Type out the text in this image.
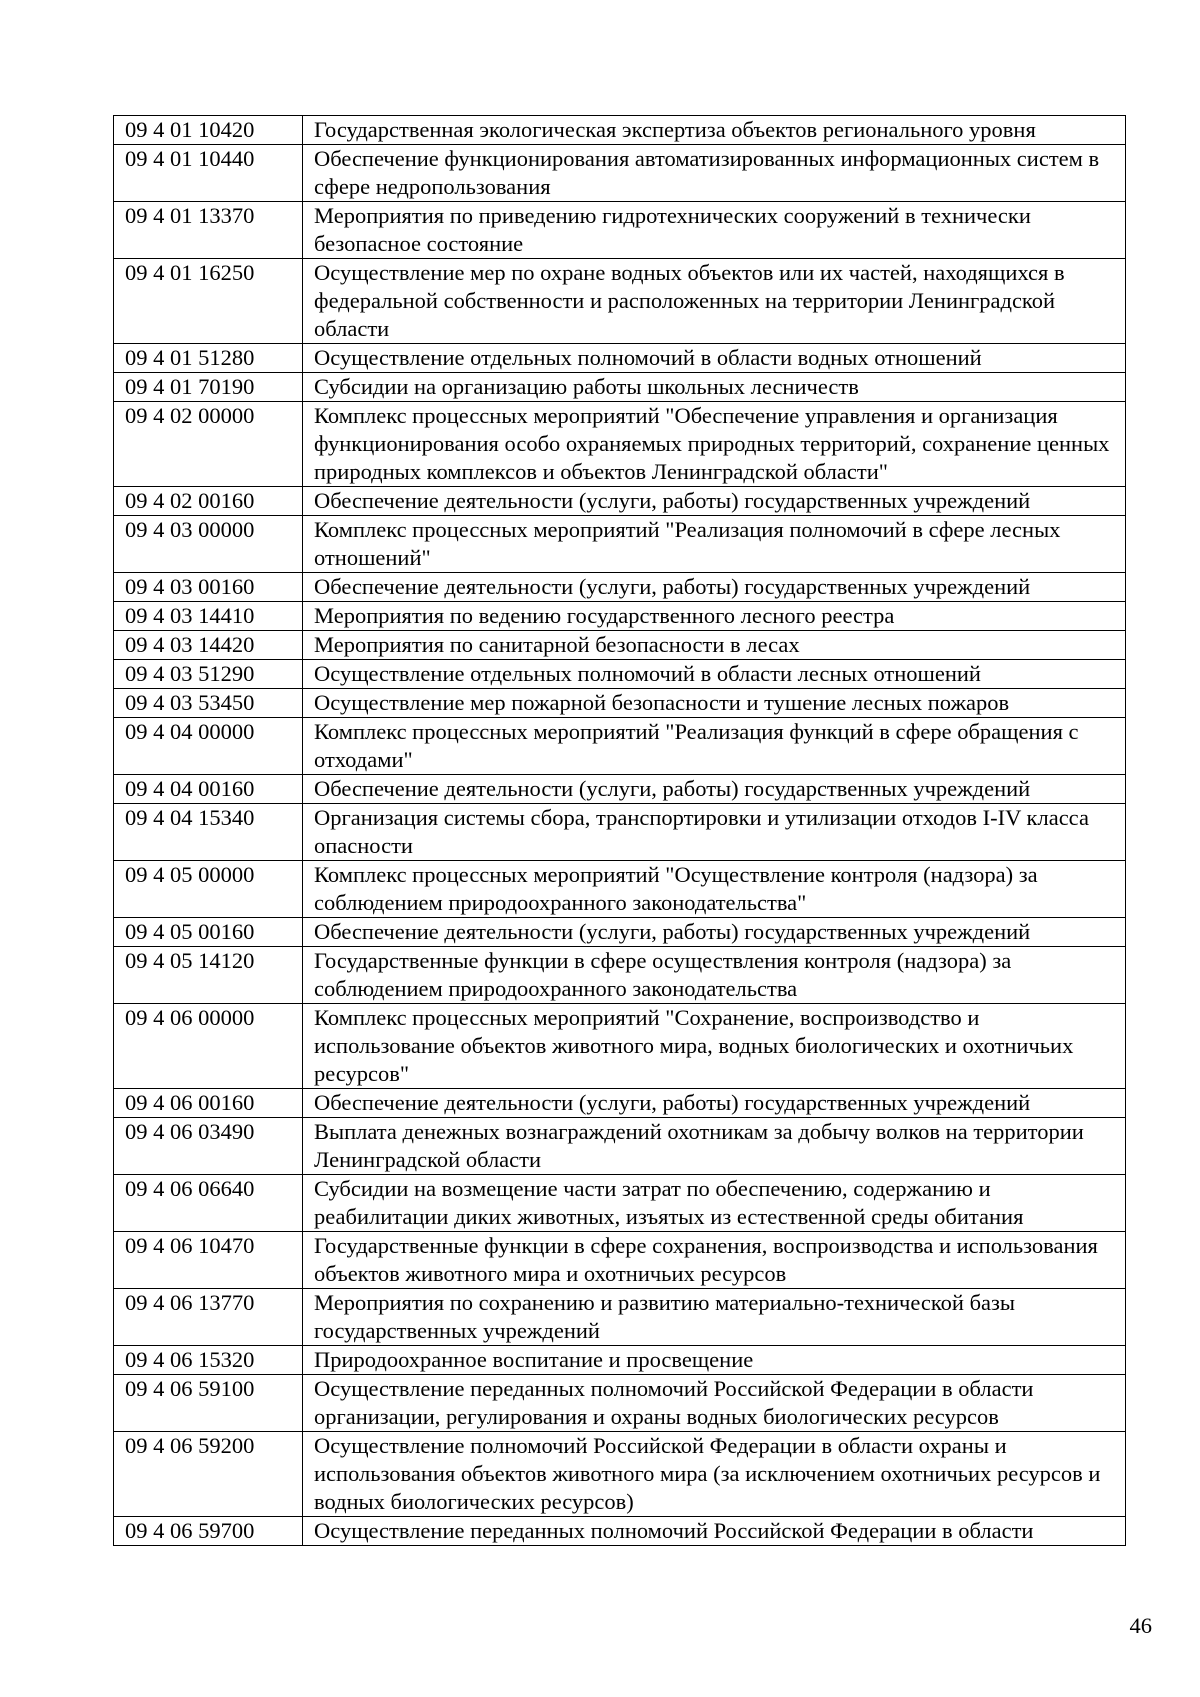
09 4 01 10420	Государственная экологическая экспертиза объектов регионального уровня
09 4 01 10440	Обеспечение функционирования автоматизированных информационных систем в сфере недропользования
09 4 01 13370	Мероприятия по приведению гидротехнических сооружений в технически безопасное состояние
09 4 01 16250	Осуществление мер по охране водных объектов или их частей, находящихся в федеральной собственности и расположенных на территории Ленинградской области
09 4 01 51280	Осуществление отдельных полномочий в области водных отношений
09 4 01 70190	Субсидии на организацию работы школьных лесничеств
09 4 02 00000	Комплекс процессных мероприятий "Обеспечение управления и организация функционирования особо охраняемых природных территорий, сохранение ценных природных комплексов и объектов Ленинградской области"
09 4 02 00160	Обеспечение деятельности (услуги, работы) государственных учреждений
09 4 03 00000	Комплекс процессных мероприятий "Реализация полномочий в сфере лесных отношений"
09 4 03 00160	Обеспечение деятельности (услуги, работы) государственных учреждений
09 4 03 14410	Мероприятия по ведению государственного лесного реестра
09 4 03 14420	Мероприятия по санитарной безопасности в лесах
09 4 03 51290	Осуществление отдельных полномочий в области лесных отношений
09 4 03 53450	Осуществление мер пожарной безопасности и тушение лесных пожаров
09 4 04 00000	Комплекс процессных мероприятий "Реализация функций в сфере обращения с отходами"
09 4 04 00160	Обеспечение деятельности (услуги, работы) государственных учреждений
09 4 04 15340	Организация системы сбора, транспортировки и утилизации отходов I-IV класса опасности
09 4 05 00000	Комплекс процессных мероприятий "Осуществление контроля (надзора) за соблюдением природоохранного законодательства"
09 4 05 00160	Обеспечение деятельности (услуги, работы) государственных учреждений
09 4 05 14120	Государственные функции в сфере осуществления контроля (надзора) за соблюдением природоохранного законодательства
09 4 06 00000	Комплекс процессных мероприятий "Сохранение, воспроизводство и использование объектов животного мира, водных биологических и охотничьих ресурсов"
09 4 06 00160	Обеспечение деятельности (услуги, работы) государственных учреждений
09 4 06 03490	Выплата денежных вознаграждений охотникам за добычу волков на территории Ленинградской области
09 4 06 06640	Субсидии на возмещение части затрат по обеспечению, содержанию и реабилитации диких животных, изъятых из естественной среды обитания
09 4 06 10470	Государственные функции в сфере сохранения, воспроизводства и использования объектов животного мира и охотничьих ресурсов
09 4 06 13770	Мероприятия по сохранению и развитию материально-технической базы государственных учреждений
09 4 06 15320	Природоохранное воспитание и просвещение
09 4 06 59100	Осуществление переданных полномочий Российской Федерации в области организации, регулирования и охраны водных биологических ресурсов
09 4 06 59200	Осуществление полномочий Российской Федерации в области охраны и использования объектов животного мира (за исключением охотничьих ресурсов и водных биологических ресурсов)
09 4 06 59700	Осуществление переданных полномочий Российской Федерации в области
46
